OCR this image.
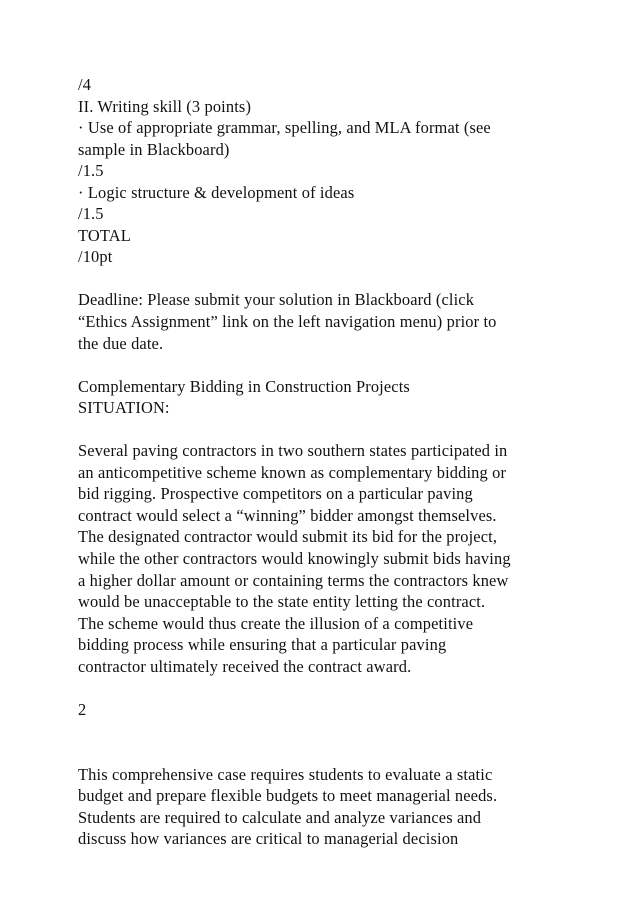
/4
II. Writing skill (3 points)
· Use of appropriate grammar, spelling, and MLA format (see
sample in Blackboard)
/1.5
· Logic structure & development of ideas
/1.5
TOTAL
/10pt
Deadline: Please submit your solution in Blackboard (click
“Ethics Assignment” link on the left navigation menu) prior to
the due date.
Complementary Bidding in Construction Projects
SITUATION:
Several paving contractors in two southern states participated in
an anticompetitive scheme known as complementary bidding or
bid rigging. Prospective competitors on a particular paving
contract would select a “winning” bidder amongst themselves.
The designated contractor would submit its bid for the project,
while the other contractors would knowingly submit bids having
a higher dollar amount or containing terms the contractors knew
would be unacceptable to the state entity letting the contract.
The scheme would thus create the illusion of a competitive
bidding process while ensuring that a particular paving
contractor ultimately received the contract award.
2
This comprehensive case requires students to evaluate a static
budget and prepare flexible budgets to meet managerial needs.
Students are required to calculate and analyze variances and
discuss how variances are critical to managerial decision
